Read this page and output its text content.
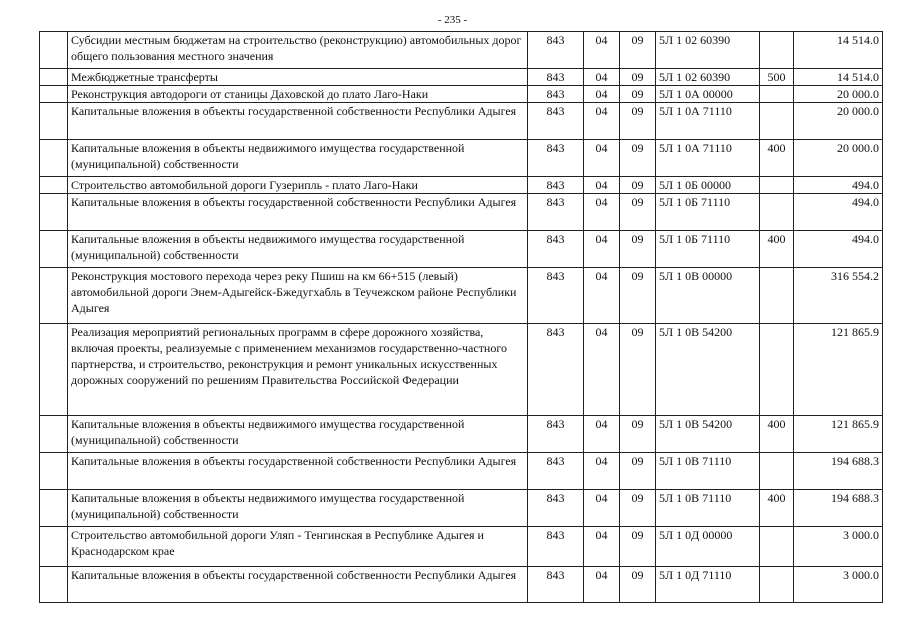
- 235 -
	Субсидии местным бюджетам на строительство (реконструкцию) автомобильных дорог общего пользования местного значения	843	04	09	5Л 1 02 60390		14 514.0
	Межбюджетные трансферты	843	04	09	5Л 1 02 60390	500	14 514.0
	Реконструкция автодороги от станицы Даховской до плато Лаго-Наки	843	04	09	5Л 1 0А 00000		20 000.0
	Капитальные вложения в объекты государственной собственности Республики Адыгея	843	04	09	5Л 1 0А 71110		20 000.0
	Капитальные вложения в объекты недвижимого имущества государственной (муниципальной) собственности	843	04	09	5Л 1 0А 71110	400	20 000.0
	Строительство автомобильной дороги Гузерипль - плато Лаго-Наки	843	04	09	5Л 1 0Б 00000		494.0
	Капитальные вложения в объекты государственной собственности Республики Адыгея	843	04	09	5Л 1 0Б 71110		494.0
	Капитальные вложения в объекты недвижимого имущества государственной (муниципальной) собственности	843	04	09	5Л 1 0Б 71110	400	494.0
	Реконструкция мостового перехода через реку Пшиш на км 66+515 (левый) автомобильной дороги Энем-Адыгейск-Бжедугхабль в Теучежском районе Республики Адыгея	843	04	09	5Л 1 0В 00000		316 554.2
	Реализация мероприятий региональных программ в сфере дорожного хозяйства, включая проекты, реализуемые с применением механизмов государственно-частного партнерства, и строительство, реконструкция и ремонт уникальных искусственных дорожных сооружений по решениям Правительства Российской Федерации	843	04	09	5Л 1 0В 54200		121 865.9
	Капитальные вложения в объекты недвижимого имущества государственной (муниципальной) собственности	843	04	09	5Л 1 0В 54200	400	121 865.9
	Капитальные вложения в объекты государственной собственности Республики Адыгея	843	04	09	5Л 1 0В 71110		194 688.3
	Капитальные вложения в объекты недвижимого имущества государственной (муниципальной) собственности	843	04	09	5Л 1 0В 71110	400	194 688.3
	Строительство автомобильной дороги Уляп - Тенгинская в Республике Адыгея и Краснодарском крае	843	04	09	5Л 1 0Д 00000		3 000.0
	Капитальные вложения в объекты государственной собственности Республики Адыгея	843	04	09	5Л 1 0Д 71110		3 000.0
